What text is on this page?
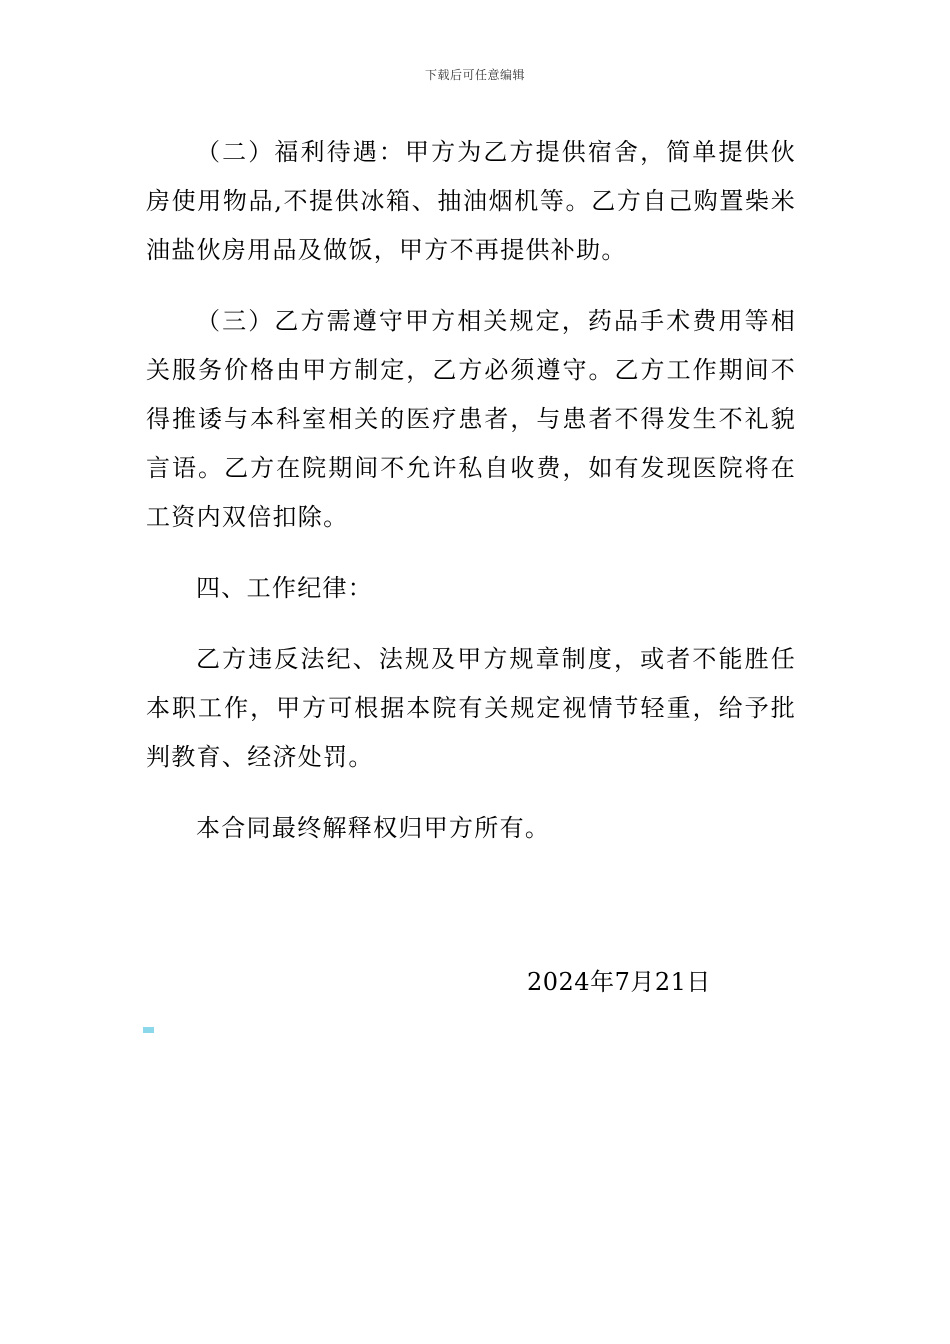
下载后可任意编辑

（二）福利待遇：甲方为乙方提供宿舍，简单提供伙房使用物品,不提供冰箱、抽油烟机等。乙方自己购置柴米油盐伙房用品及做饭，甲方不再提供补助。

（三）乙方需遵守甲方相关规定，药品手术费用等相关服务价格由甲方制定，乙方必须遵守。乙方工作期间不得推诿与本科室相关的医疗患者，与患者不得发生不礼貌言语。乙方在院期间不允许私自收费，如有发现医院将在工资内双倍扣除。

四、工作纪律：

乙方违反法纪、法规及甲方规章制度，或者不能胜任本职工作，甲方可根据本院有关规定视情节轻重，给予批判教育、经济处罚。

本合同最终解释权归甲方所有。

2024年7月21日
